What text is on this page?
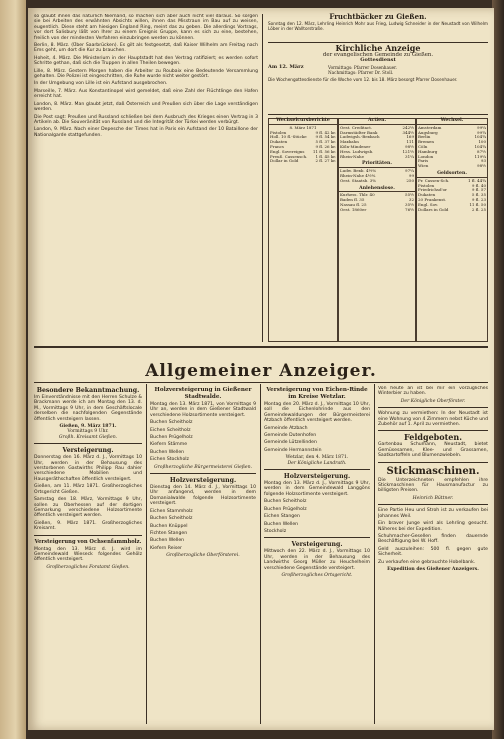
so glaubt ihnen das natürlich Niemand, so machen sich aber auch nicht viel daraus. So sorgen sie bei Arbeiten des erwähnten Absichts willen, ihnen das Misstraun im Bau auf zu weisen, eugentlich. Diese steht am hiesigen England Ring, meint das zu geben. Die allerdings Vortrags, vor dort Salisbury läßt von Ihrer zu einem Ereignis Gruppe, kann es sich zu eine, bestehen, freilich von der mindesten Verfahren einzubringen werden zu können.

Berlin, 8. März. (Über Saarbrücken). Es gilt als festgesetzt, daß Kaiser Wilhelm am Freitag nach Ems geht, um dort die Kur zu brauchen.

Hoheit, 4. März. Die Ministerium in der Hauptstadt hat den Vertrag ratifiziert; es werden sofort Schritte gethan, daß sich die Truppen in allen Theilen bewegen.

Lille, 8. März. Gestern Morgen haben die Arbeiter zu Roubaix eine Bedeutende Versammlung gehalten. Die Polizei ist eingeschritten, die Ruhe wurde nicht weiter gestört.

In der Umgebung von Lille ist ein Aufstand ausgebrochen.

Marseille, 7. März. Aus Konstantinopel wird gemeldet, daß eine Zahl der Flüchtlinge den Hafen erreicht hat.

London, 8. März. Man glaubt jetzt, daß Österreich und Preußen sich über die Lage verständigen werden.

Die Post sagt: Preußen und Russland schließen bei dem Ausbruch des Krieges einen Vertrag in 3 Artikeln ab. Die Souveränität von Russland und die Integrität der Türkei werden verbürgt.

London, 9. März. Nach einer Depesche der Times hat in Paris ein Aufstand der 10 Bataillone der Nationalgarde stattgefunden.

Fruchtbäcker zu Gießen.
Sonntag den 12. März, Lehrling Heinrich Mohr aus Frieg, Ludwig Schneider in der Neustadt von Wilhelm Löber in der Walltorstraße.
Kirchliche Anzeige
der evangelischen Gemeinde zu Gießen.
Gottesdienst
Am 12. März	Vormittags: Pfarrer Dosenhauer.
Nachmittags: Pfarrer Dr. Stoll.
Die Wochengottesdienste für die Woche vom 12. bis 18. März besorgt Pfarrer Dosenhauer.
Wechselcursberichte
8. März 1871
Pistolen	9 fl. 42 kr.
Holl. 10 fl.-Stücke 9 fl. 54 kr.
Dukaten	5 fl. 37 kr.
Francs	9 fl. 26 kr.
Engl. Sovereigns 11 fl. 56 kr.
Preuß. Cassensch. 1 fl. 45 kr.
Dollar in Gold	2 fl. 27 kr.
Actien.
Oest. Creditact.	242½
Darmstädter Bank	344½
Ludwigsh.-Bexbach	169
Maxbahn	111
Köln-Mindener	98½
Hess. Ludwigsb.	121½
Rhein-Nahe	31¼
Prioritäten.
Ludw. Bexb. 4½%	97¼
Rhein-Nahe 4½%	99
Oest. Staatsb. 3%	250
Anlehenslose.
Kurhess. Thlr. 40	55½
Baden fl. 35	32
Nassau fl. 25	35½
Oest. 1860er	76½
Wechsel.
Amsterdam	99¼
Augsburg	99¾
Berlin	104¾
Bremen	100
Cöln	104¾
Hamburg	87½
London	119¼
Paris	93
Wien	98½
Geldsorten.
Pr. Cassen-Sch.	1 fl. 44¾
Pistolen	9 fl. 40
Friedrichsd'or	9 fl. 57
Dukaten	5 fl. 35
20 Frankenst.	9 fl. 23
Engl. Sov.	11 fl. 50
Dollars in Gold	2 fl. 25
Allgemeiner Anzeiger.
Besondere Bekanntmachung.
Im Einverständnisse mit den Herren Schulze & Brackmann werde ich am Montag den 13. d. M., Vormittags 9 Uhr, in dem Geschäftslocale derselben die nachfolgenden Gegenstände öffentlich versteigern lassen.
Gießen, 9. März 1871.
Vormittags 9 Uhr.
Großh. Kreisamt Gießen.
Versteigerung.
Donnerstag den 16. März d. J., Vormittags 10 Uhr, werden in der Behausung des verstorbenen Gastwirths Philipp Rau dahier verschiedene Mobilien und Hausgeräthschaften öffentlich versteigert.
Gießen, am 11. März 1871. Großherzogliches Ortsgericht Gießen.
Samstag den 18. März, Vormittags 9 Uhr, sollen zu Oberhessen auf der dortigen Gemarkung verschiedene Holzsortimente öffentlich versteigert werden.
Gießen, 9. März 1871. Großherzogliches Kreisamt.
Versteigerung von Ochsenfammholz.
Montag den 13. März d. J. wird im Gemeindewald Wieseck folgendes Gehölz öffentlich versteigert.
Großherzogliches Forstamt Gießen.
Holzversteigerung in Gießener Stadtwalde.
Montag den 13. März 1871, von Vormittags 9 Uhr an, werden in dem Gießener Stadtwald verschiedene Holzsortimente versteigert.
Buchen Scheitholz
Eichen Scheitholz
Buchen Prügelholz
Kiefern Stämme
Buchen Wellen
Eichen Stockholz
Großherzogliche Bürgermeisterei Gießen.
Holzversteigerung.
Dienstag den 14. März d. J., Vormittags 10 Uhr anfangend, werden in dem Domanialwalde folgende Holzsortimente versteigert.
Eichen Stammholz
Buchen Scheitholz
Buchen Knüppel
Fichten Stangen
Buchen Wellen
Kiefern Reiser
Großherzogliche Oberförsterei.
Versteigerung von Eichen-Rinde im Kreise Wetzlar.
Montag den 20. März d. J., Vormittags 10 Uhr, soll die Eichenlohrinde aus den Gemeindewaldungen der Bürgermeisterei Atzbach öffentlich versteigert werden.
Gemeinde Atzbach
Gemeinde Dutenhofen
Gemeinde Lützellinden
Gemeinde Hermannstein
Wetzlar, den 4. März 1871.
Der Königliche Landrath.
Holzversteigerung.
Montag den 13. März d. J., Vormittags 9 Uhr, werden in dem Gemeindewald Langgöns folgende Holzsortimente versteigert.
Buchen Scheitholz
Buchen Prügelholz
Eichen Stangen
Buchen Wellen
Stockholz
Versteigerung.
Mittwoch den 22. März d. J., Vormittags 10 Uhr, werden in der Behausung des Landwirths Georg Müller zu Heuchelheim verschiedene Gegenstände versteigert.
Großherzogliches Ortsgericht.
Von heute an ist bei mir ein vorzügliches Winterbier zu haben.
Der Königliche Oberförster.
Wohnung zu vermiethen: In der Neustadt ist eine Wohnung von 4 Zimmern nebst Küche und Zubehör auf 1. April zu vermiethen.
Feldgeboten.
Gartenbau Schumann, Neustadt, bietet Gemüsesamen, Klee- und Grassamen, Saatkartoffeln und Blumenzwiebeln.
Stickmaschinen.
Die Unterzeichneten empfehlen ihre Stickmaschinen für Hausmanufactur zu billigsten Preisen.
Heinrich Büttner.
Eine Partie Heu und Stroh ist zu verkaufen bei Johannes Weil.
Ein braver Junge wird als Lehrling gesucht. Näheres bei der Expedition.
Schuhmacher-Gesellen finden dauernde Beschäftigung bei W. Hoff.
Geld auszuleihen: 500 fl. gegen gute Sicherheit.
Zu verkaufen eine gebrauchte Hobelbank.
Expedition des Gießener Anzeigers.
